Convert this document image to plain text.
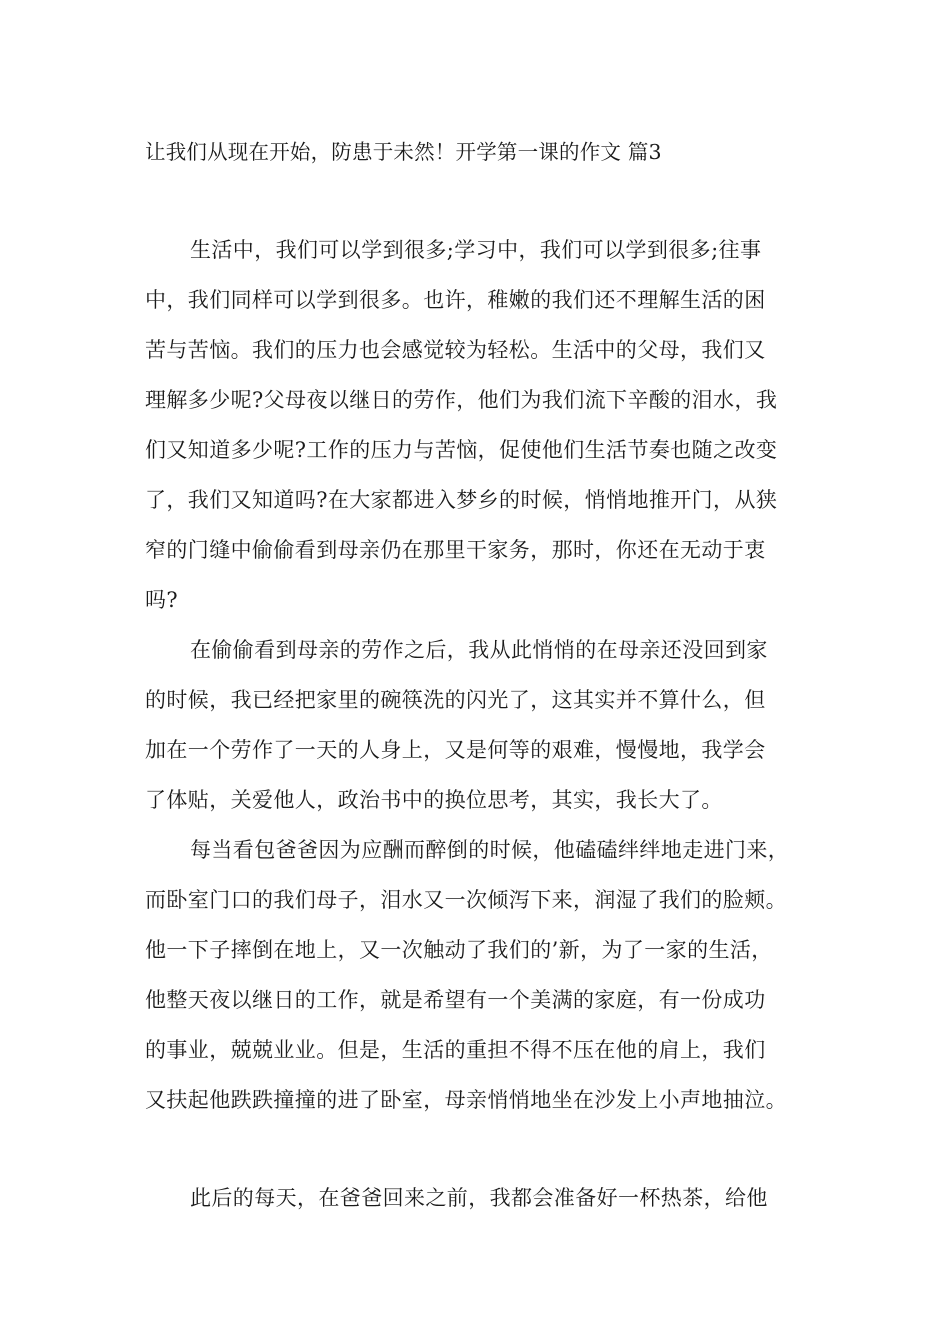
让我们从现在开始，防患于未然！开学第一课的作文 篇3
生活中，我们可以学到很多;学习中，我们可以学到很多;往事
中，我们同样可以学到很多。也许，稚嫩的我们还不理解生活的困
苦与苦恼。我们的压力也会感觉较为轻松。生活中的父母，我们又
理解多少呢?父母夜以继日的劳作，他们为我们流下辛酸的泪水，我
们又知道多少呢?工作的压力与苦恼，促使他们生活节奏也随之改变
了，我们又知道吗?在大家都进入梦乡的时候，悄悄地推开门，从狭
窄的门缝中偷偷看到母亲仍在那里干家务，那时，你还在无动于衷
吗?
在偷偷看到母亲的劳作之后，我从此悄悄的在母亲还没回到家
的时候，我已经把家里的碗筷洗的闪光了，这其实并不算什么，但
加在一个劳作了一天的人身上，又是何等的艰难，慢慢地，我学会
了体贴，关爱他人，政治书中的换位思考，其实，我长大了。
每当看包爸爸因为应酬而醉倒的时候，他磕磕绊绊地走进门来，
而卧室门口的我们母子，泪水又一次倾泻下来，润湿了我们的脸颊。
他一下子摔倒在地上，又一次触动了我们的’新，为了一家的生活，
他整天夜以继日的工作，就是希望有一个美满的家庭，有一份成功
的事业，兢兢业业。但是，生活的重担不得不压在他的肩上，我们
又扶起他跌跌撞撞的进了卧室，母亲悄悄地坐在沙发上小声地抽泣。
此后的每天，在爸爸回来之前，我都会准备好一杯热茶，给他
